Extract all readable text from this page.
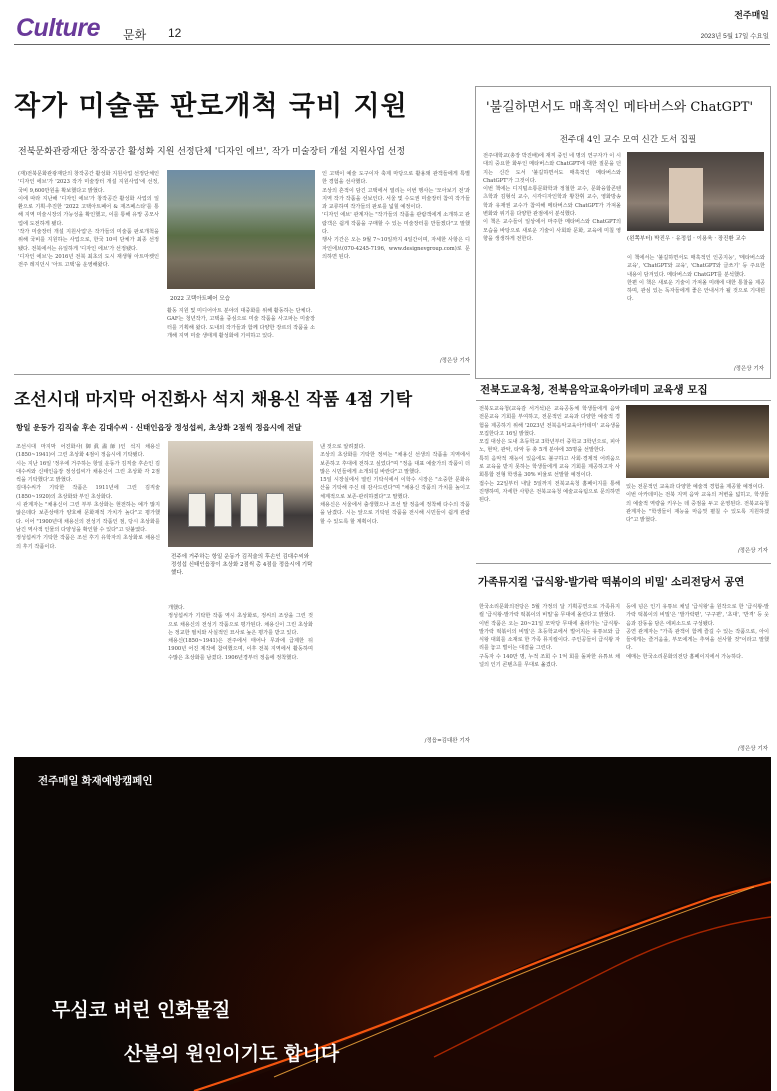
Culture 문화 12
전주매일
2023년 5월 17일 수요일
작가 미술품 판로개척 국비 지원
전북문화관광재단 창작공간 활성화 지원 선정단체 '디자인 에브', 작가 미술장터 개설 지원사업 선정
(재)전북문화관광재단의 창작공간 활성화 지원사업 선정단체인 '디자인 에브'가 '2023 작가 미술장터 개설 지원사업'에 선정, 국비 9,600만원을 확보했다고 밝혔다.
이에 따라 지난해 '디자인 에브'가 창작공간 활성화 사업의 일환으로 기획·추진한 '2022 고택아트페어 & 재즈페스타'를 통해 지역 미술시장의 가능성을 확인했고, 이를 통해 유망 공모사업에 도전하게 됐다.
'작가 미술장터 개설 지원사업'은 작가들의 미술품 판로개척을 위해 국비를 지원하는 사업으로, 한국 10여 단체가 최종 선정됐다. 전북에서는 유일하게 '디자인 에브'가 선정됐다.
'디자인 에브'는 2016년 전북 최초의 도시 재생형 아트마켓인 전주 레지던시 '아트 고택'을 운영해왔다.
2022 고택아트페어 모습
활동 지원 및 미디어아트 분야의 대중화를 위해 활동하는 단체다.
GAF는 청년작가, 고택을 중심으로 미술 작품을 사고파는 미술장터를 기획해 왔다. 도내외 작가들과 함께 다양한 장르의 작품을 소개해 지역 미술 생태계 활성화에 기여하고 있다.
인 고택이 예술 도구이자 축제 마당으로 활용돼 관객들에게 특별한 경험을 선사했다.
조상의 흔적이 담긴 고택에서 열리는 이번 행사는 '모아보기 전'과 지역 작가 작품을 선보인다. 서울 및 수도권 미술장터 참여 작가들과 교류하며 작가들의 판로를 넓힐 예정이다.
'디자인 에브' 관계자는 "작가들의 작품을 관람객에게 소개하고 관람객은 쉽게 작품을 구매할 수 있는 미술장터를 만들겠다"고 말했다.
행사 기간은 오는 9월 7~10일까지 4일간이며, 자세한 사항은 디자인에브(070-4245-7196, www.designevgroup.com)로 문의하면 된다.
/정은상 기자
'불길하면서도 매혹적인 메타버스와 ChatGPT'
전주대 4인 교수 모여 신간 도서 집필
전주대학교(총장 박진배)에 재직 중인 네 명의 연구자가 이 시대의 중요한 화두인 메타버스와 ChatGPT에 대한 질문을 던지는 신간 도서 '불길하면서도 매혹적인 메타버스와 ChatGPT'가 그것이다.
이번 책에는 디지털소통문화학과 정철한 교수, 문화융합콘텐츠학과 김형석 교수, 시각디자인학과 황찬휘 교수, 영화방송학과 유재권 교수가 참여해 메타버스와 ChatGPT가 가져올 변화와 위기를 다양한 관점에서 분석했다.
이 책은 교수들이 일상에서 마주한 메타버스와 ChatGPT의 모습을 바탕으로 새로운 기술이 사회와 문화, 교육에 미칠 영향을 생생하게 전한다.	(왼쪽부터) 박진우 · 유정섭 · 이용욱 · 장진환 교수
이 책에서는 '불길하면서도 매혹적인 인공지능', '메타버스와 교육', 'ChatGPT와 교육', 'ChatGPT와 글쓰기' 등 주요한 내용이 담겨있다. 메타버스와 ChatGPT를 분석했다.
한편 이 책은 새로운 기술이 가져올 미래에 대한 통찰을 제공하며, 관심 있는 독자들에게 좋은 안내서가 될 것으로 기대된다.
/정은상 기자
조선시대 마지막 어진화사 석지 채용신 작품 4점 기탁
항일 운동가 김직술 후손 김대수씨 · 신태인읍장 정성섭씨, 초상화 2점씩 정읍시에 전달
조선시대 마지막 어진화사(御眞畵師)인 석지 채용신(1850~1941)이 그린 초상화 4점이 정읍시에 기탁됐다.
시는 지난 16일 '정우에 거주하는 항일 운동가 김직술 후손인 김대수씨와 신태인읍장 정성섭씨가 채용신이 그린 초상화 각 2점씩을 기탁했다'고 밝혔다.
김대수씨가 기탁한 작품은 1911년에 그린 김직술(1850~1920)의 초상화와 부인 초상화다.
시 관계자는 "채용신이 그린 부부 초상화는 현전하는 예가 많지 않은데다 보존상태가 양호해 문화재적 가치가 높다"고 평가했다. 이어 "1900년대 채용신의 전성기 작품인 점, 당시 초상화를 남긴 역사적 인물의 다양성을 확인할 수 있다"고 덧붙였다.
정성섭씨가 기탁한 작품은 조선 후기 유학자의 초상화로 채용신의 후기 작품이다.
전주에 거주하는 항일 운동가 김직술의 후손인 김대수씨와 정성섭 신태인읍장이 초상화 2점씩 총 4점을 정읍시에 기탁했다.
개했다.
정성섭씨가 기탁한 작품 역시 초상화로, 정씨의 조상을 그린 것으로 채용신의 전성기 작품으로 평가된다. 채용신이 그린 초상화는 정교한 필치와 사실적인 묘사로 높은 평가를 받고 있다.
채용신(1850~1941)은 전주에서 태어나 무과에 급제한 뒤 1900년 어진 제작에 참여했으며, 이후 전북 지역에서 활동하며 수많은 초상화를 남겼다. 1906년경부터 정읍에 정착했다.
낸 것으로 알려졌다.
조상의 초상화를 기탁한 정씨는 "채용신 선생의 작품을 지역에서 보존하고 후대에 전하고 싶었다"며 "정읍 대표 예술가의 작품이 더 많은 시민들에게 소개되길 바란다"고 말했다.
15일 시장실에서 열린 기탁식에서 이학수 시장은 "소중한 문화유산을 기탁해 주신 데 감사드린다"며 "채용신 작품의 가치를 높이고 체계적으로 보존·관리하겠다"고 말했다.
채용신은 서울에서 출생했으나 조선 말 정읍에 정착해 다수의 작품을 남겼다. 시는 앞으로 기탁된 작품을 전시해 시민들이 쉽게 관람할 수 있도록 할 계획이다.
/정읍=김대완 기자
전북도교육청, 전북음악교육아카데미 교육생 모집
전북도교육청(교육감 서거석)은 교육공동체 학생들에게 음악 전문교육 기회를 부여하고, 전문적인 교육과 다양한 예술적 경험을 제공하기 위해 '2023년 전북음악교육아카데미' 교육생을 모집한다고 16일 밝혔다.
모집 대상은 도내 초등학교 3학년부터 중학교 3학년으로, 피아노, 현악, 관악, 타악 등 총 5개 분야에 35명을 선발한다.
특히 음악적 재능이 있음에도 불구하고 사회·경제적 어려움으로 교육을 받지 못하는 학생들에게 교육 기회를 제공하고자 사회통합 전형 학생을 30% 비율로 선발할 예정이다.
접수는 22일부터 내달 5일까지 전북교육청 홈페이지를 통해 진행하며, 자세한 사항은 전북교육청 예술교육팀으로 문의하면 된다.
있는 전문적인 교육과 다양한 예술적 경험을 제공할 예정이다.
이번 아카데미는 전북 지역 음악 교육의 저변을 넓히고, 학생들의 예술적 역량을 키우는 데 중점을 두고 운영된다. 전북교육청 관계자는 "학생들이 재능을 마음껏 펼칠 수 있도록 지원하겠다"고 밝혔다.
/정은상 기자
가족뮤지컬 '급식왕-발가락 떡볶이의 비밀' 소리전당서 공연
한국소리문화의전당은 5월 가정의 달 기획공연으로 가족뮤지컬 '급식왕-발가락 떡볶이의 비밀'을 무대에 올린다고 밝혔다.
이번 작품은 오는 20~21일 모악당 무대에 올라가는 '급식왕-발가락 떡볶이의 비밀'은 초등학교에서 벌어지는 유튜브와 급식왕 대회를 소재로 한 가족 뮤지컬이다. 주인공들이 급식왕 자리를 놓고 벌이는 대결을 그린다.
구독자 수 140만 명, 누적 조회 수 1억 회를 돌파한 유튜브 채널의 인기 콘텐츠를 무대로 옮겼다.
등에 넘은 인기 유튜브 채널 '급식왕'을 원작으로 한 '급식왕-발가락 떡볶이의 비밀'은 '발가락편', '구구편', '초대', '반격' 등 웃음과 감동을 담은 에피소드로 구성됐다.
공연 관계자는 "가족 관객이 함께 즐길 수 있는 작품으로, 아이들에게는 즐거움을, 부모에게는 추억을 선사할 것"이라고 말했다.
예매는 한국소리문화의전당 홈페이지에서 가능하다.
/정은상 기자
전주매일 화재예방캠페인
무심코 버린 인화물질
산불의 원인이기도 합니다
